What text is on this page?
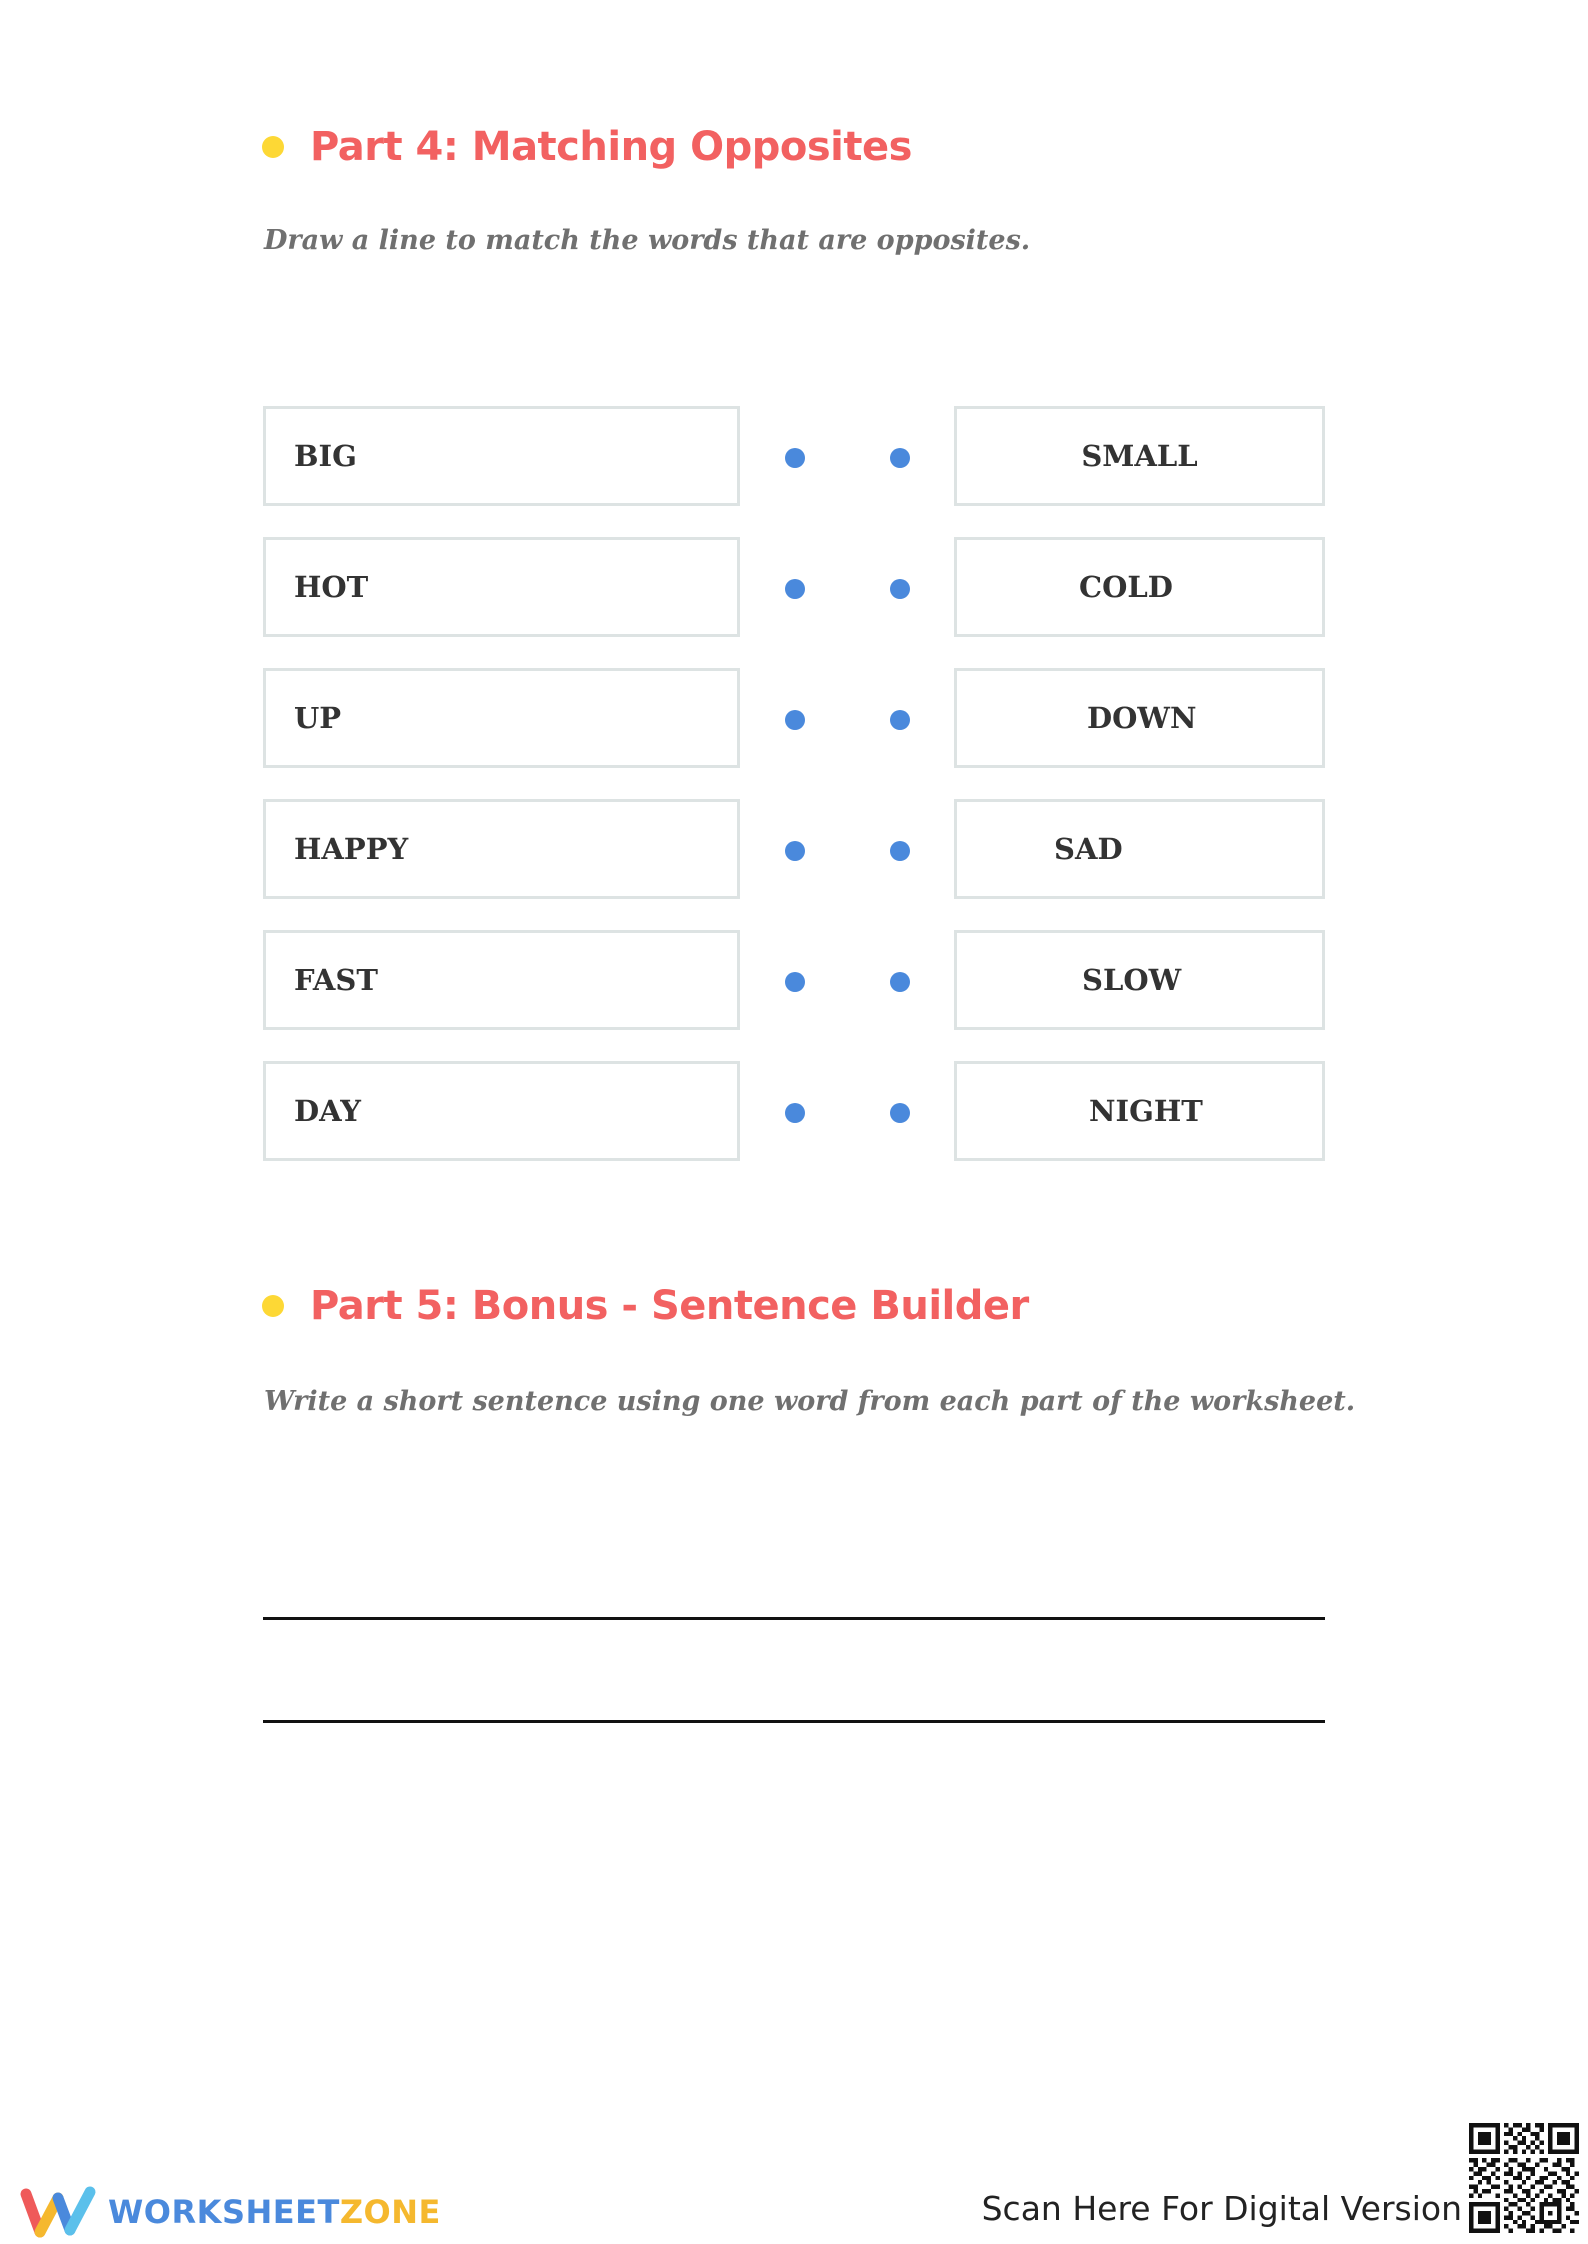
Part 4: Matching Opposites
Draw a line to match the words that are opposites.
BIG	SMALL
HOT	COLD
UP	DOWN
HAPPY	SAD
FAST	SLOW
DAY	NIGHT
Part 5: Bonus - Sentence Builder
Write a short sentence using one word from each part of the worksheet.
WORKSHEETZONE	Scan Here For Digital Version
